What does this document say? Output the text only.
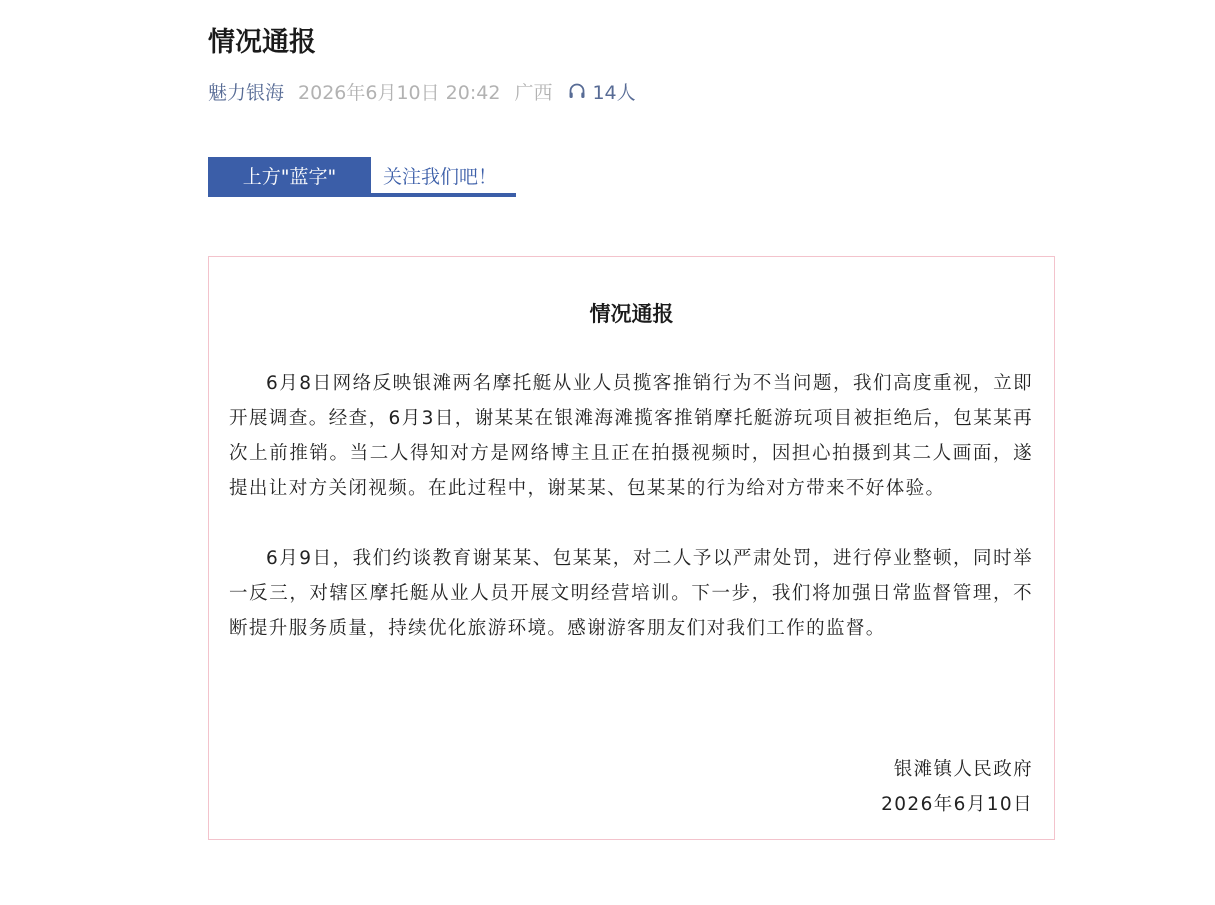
情况通报
魅力银海 2026年6月10日 20:42 广西 14人
上方"蓝字"	关注我们吧！
情况通报

6月8日网络反映银滩两名摩托艇从业人员揽客推销行为不当问题，我们高度重视，立即开展调查。经查，6月3日，谢某某在银滩海滩揽客推销摩托艇游玩项目被拒绝后，包某某再次上前推销。当二人得知对方是网络博主且正在拍摄视频时，因担心拍摄到其二人画面，遂提出让对方关闭视频。在此过程中，谢某某、包某某的行为给对方带来不好体验。

6月9日，我们约谈教育谢某某、包某某，对二人予以严肃处罚，进行停业整顿，同时举一反三，对辖区摩托艇从业人员开展文明经营培训。下一步，我们将加强日常监督管理，不断提升服务质量，持续优化旅游环境。感谢游客朋友们对我们工作的监督。

银滩镇人民政府
2026年6月10日
